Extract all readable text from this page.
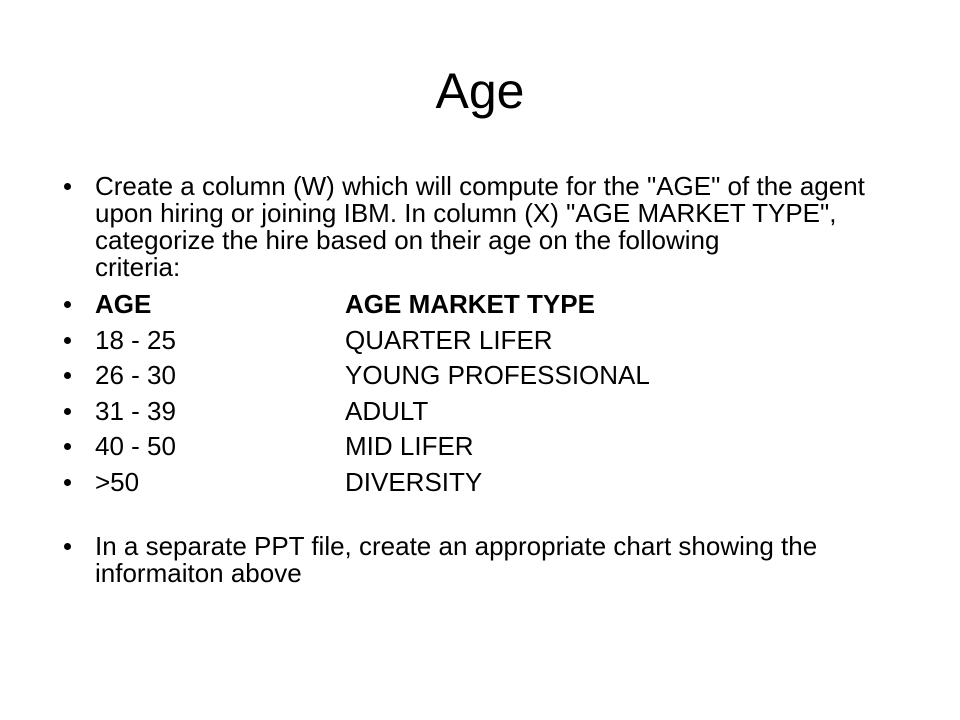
Age
Create a column (W) which will compute for the "AGE" of the agent
upon hiring or joining IBM. In column (X) "AGE MARKET TYPE",
categorize the hire based on their age on the following
criteria:
AGE	AGE MARKET TYPE
18 - 25	QUARTER LIFER
26 - 30	YOUNG PROFESSIONAL
31 - 39	ADULT
40 - 50	MID LIFER
>50	DIVERSITY
In a separate PPT file, create an appropriate chart showing the
informaiton above
